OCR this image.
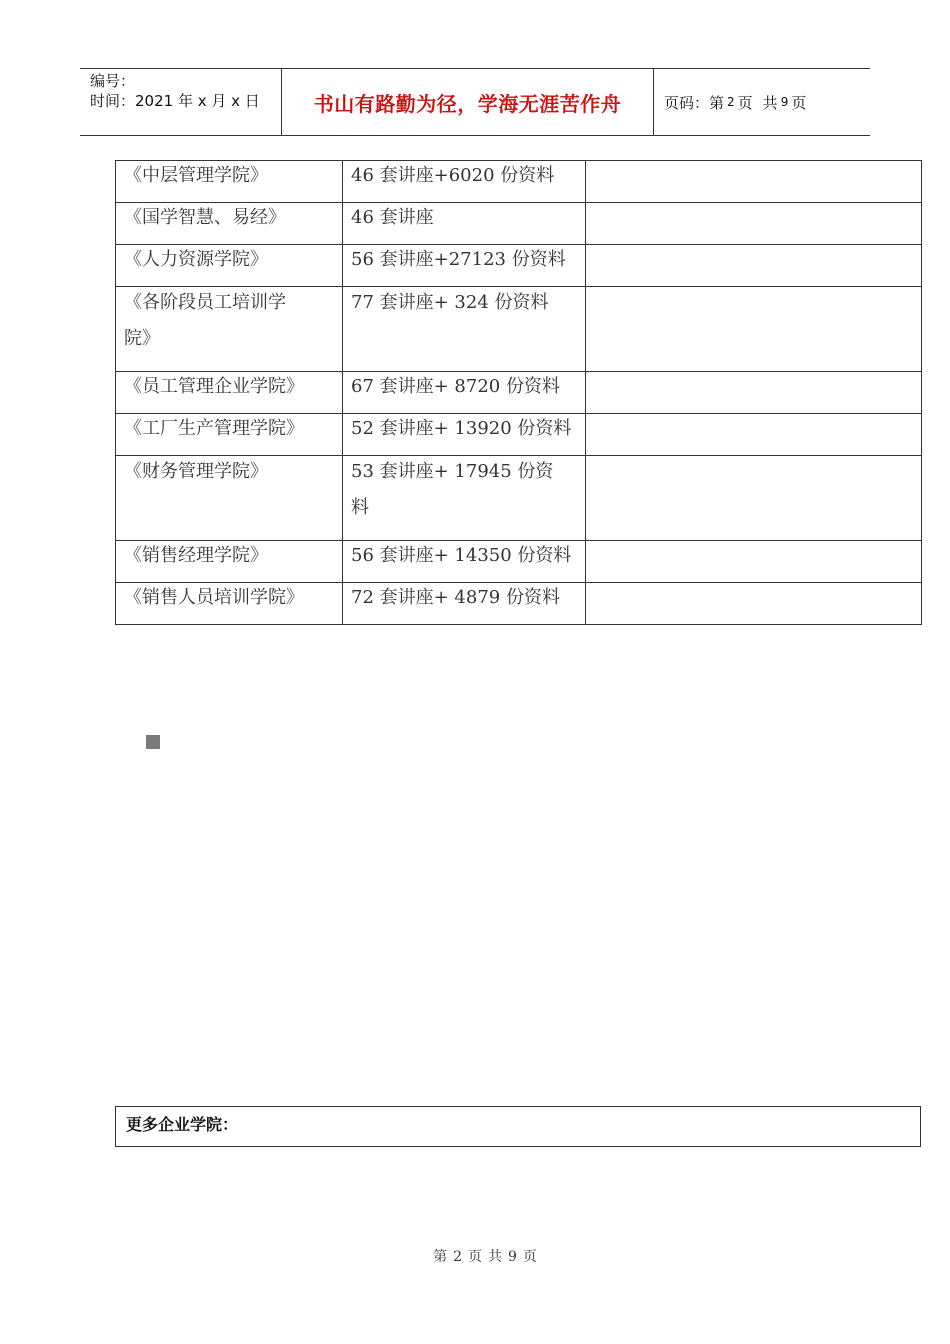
编号：
时间：2021 年 x 月 x 日	书山有路勤为径，学海无涯苦作舟	页码：第 2 页 共 9 页
《中层管理学院》	46 套讲座+6020 份资料	
《国学智慧、易经》	46 套讲座	
《人力资源学院》	56 套讲座+27123 份资料	

《各阶段员工培训学
院》	77 套讲座+ 324 份资料	

《员工管理企业学院》	67 套讲座+ 8720 份资料	
《工厂生产管理学院》	52 套讲座+ 13920 份资料	

《财务管理学院》	53 套讲座+ 17945 份资
料	
《销售经理学院》	56 套讲座+ 14350 份资料	
《销售人员培训学院》	72 套讲座+ 4879 份资料	
更多企业学院：
第 2 页 共 9 页
